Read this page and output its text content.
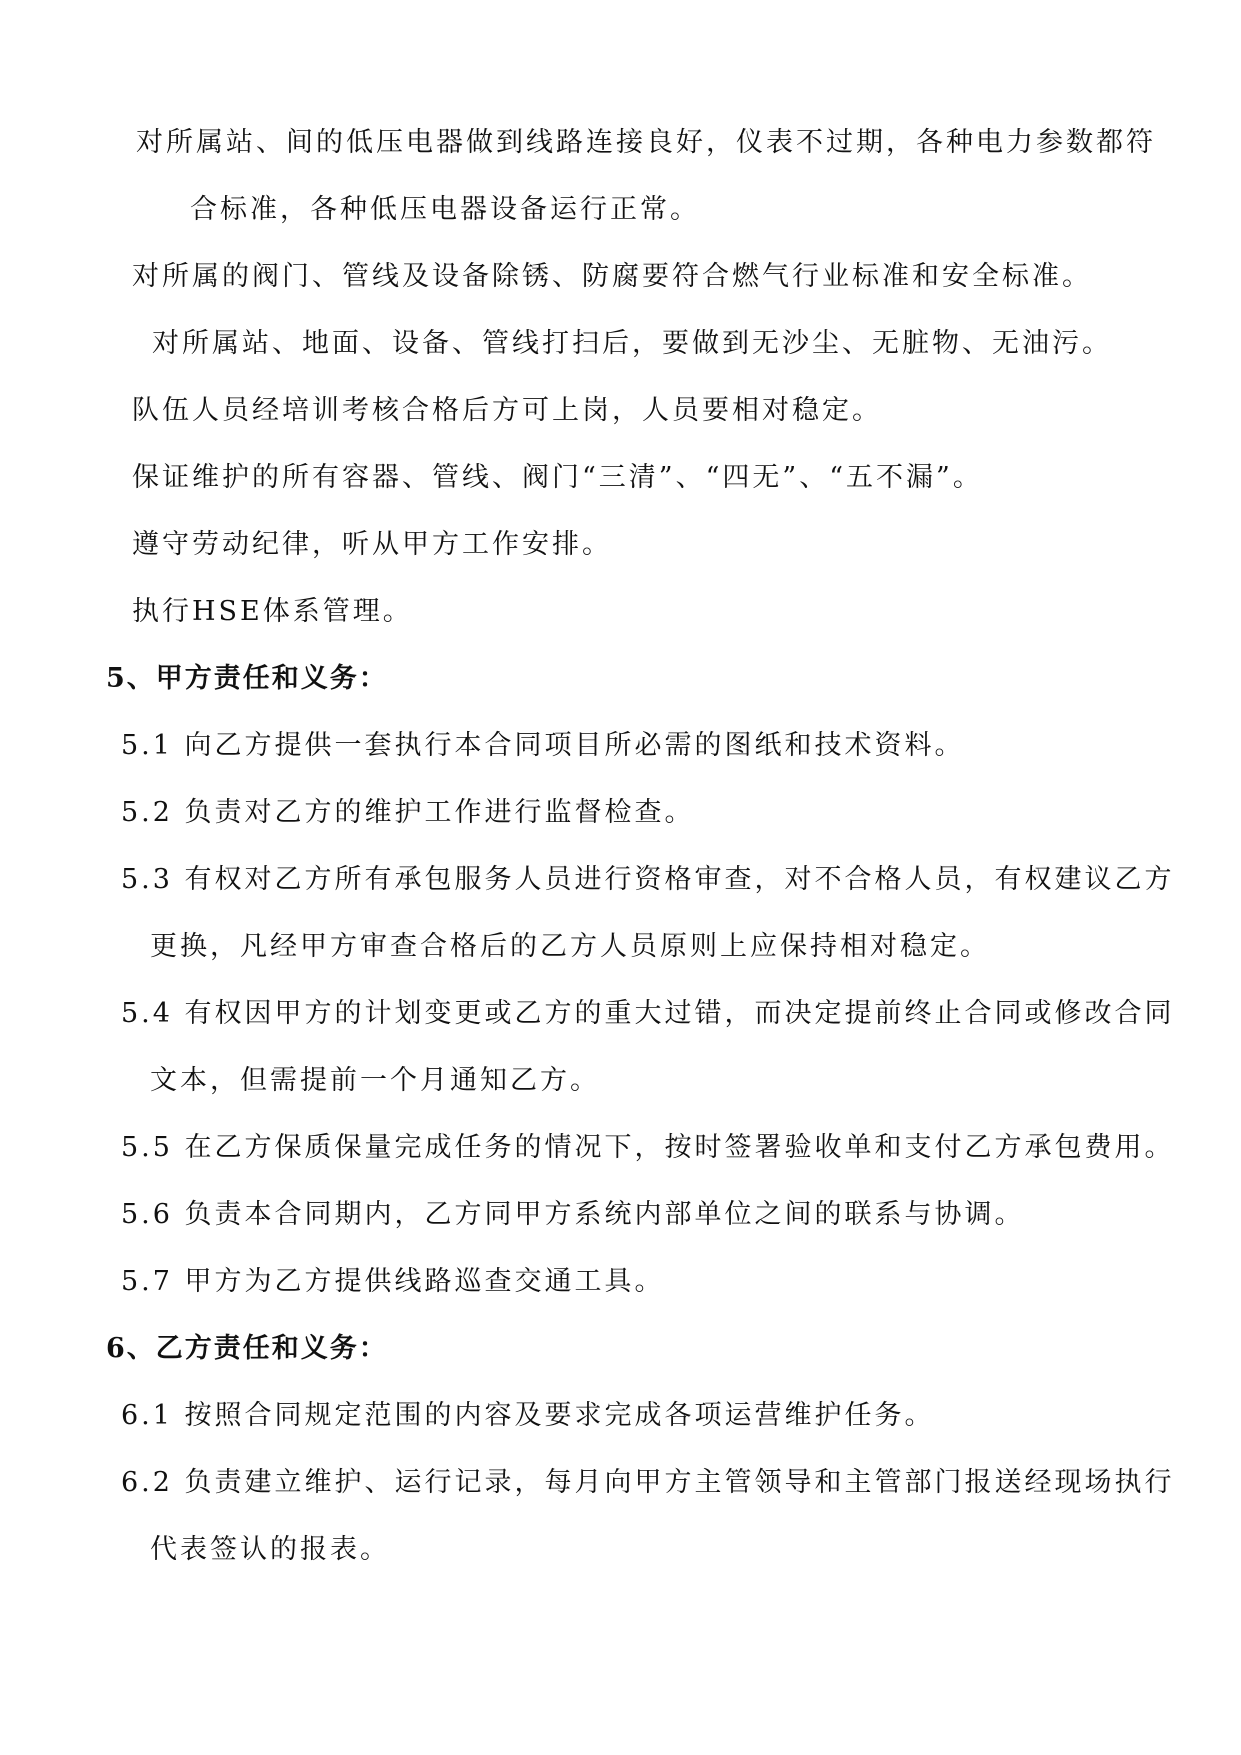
对所属站、间的低压电器做到线路连接良好，仪表不过期，各种电力参数都符
合标准，各种低压电器设备运行正常。
对所属的阀门、管线及设备除锈、防腐要符合燃气行业标准和安全标准。
对所属站、地面、设备、管线打扫后，要做到无沙尘、无脏物、无油污。
队伍人员经培训考核合格后方可上岗，人员要相对稳定。
保证维护的所有容器、管线、阀门“三清”、“四无”、“五不漏”。
遵守劳动纪律，听从甲方工作安排。
执行HSE体系管理。
5、甲方责任和义务：
5.1 向乙方提供一套执行本合同项目所必需的图纸和技术资料。
5.2 负责对乙方的维护工作进行监督检查。
5.3 有权对乙方所有承包服务人员进行资格审查，对不合格人员，有权建议乙方
更换，凡经甲方审查合格后的乙方人员原则上应保持相对稳定。
5.4 有权因甲方的计划变更或乙方的重大过错，而决定提前终止合同或修改合同
文本，但需提前一个月通知乙方。
5.5 在乙方保质保量完成任务的情况下，按时签署验收单和支付乙方承包费用。
5.6 负责本合同期内，乙方同甲方系统内部单位之间的联系与协调。
5.7 甲方为乙方提供线路巡查交通工具。
6、乙方责任和义务：
6.1 按照合同规定范围的内容及要求完成各项运营维护任务。
6.2 负责建立维护、运行记录，每月向甲方主管领导和主管部门报送经现场执行
代表签认的报表。
